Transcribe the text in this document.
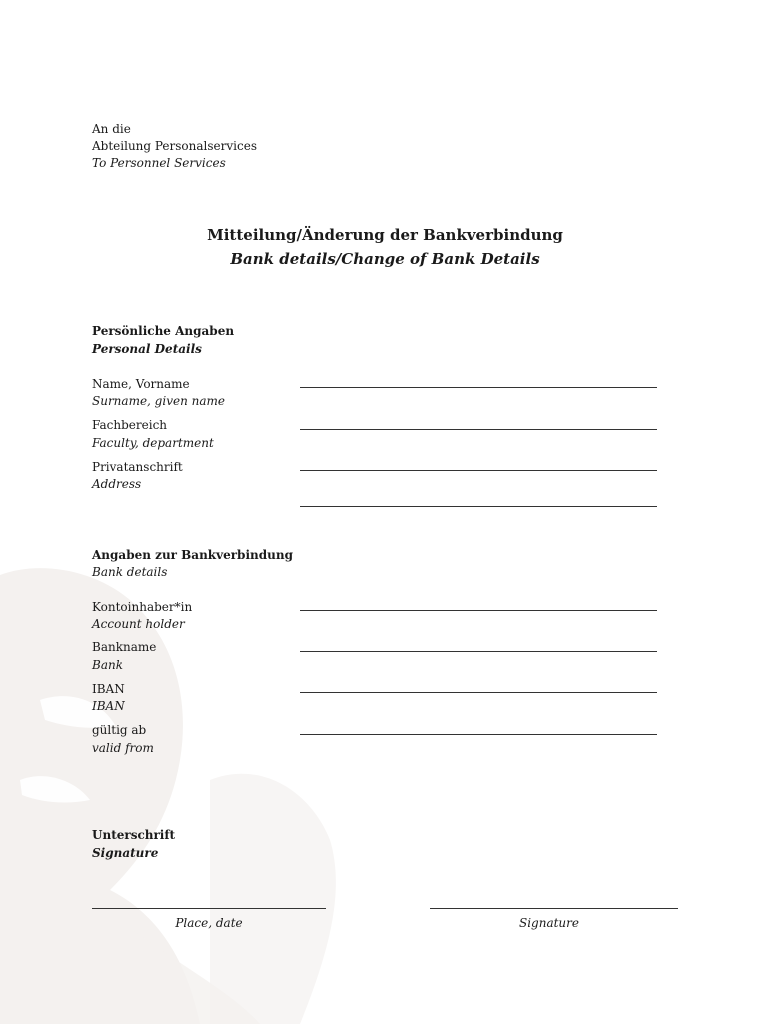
An die
Abteilung Personalservices
To Personnel Services
Mitteilung/Änderung der Bankverbindung
Bank details/Change of Bank Details
Persönliche Angaben
Personal Details
Name, Vorname
Surname, given name
Fachbereich
Faculty, department
Privatanschrift
Address
Angaben zur Bankverbindung
Bank details
Kontoinhaber*in
Account holder
Bankname
Bank
IBAN
IBAN
gültig ab
valid from
Unterschrift
Signature
Place, date	Signature
